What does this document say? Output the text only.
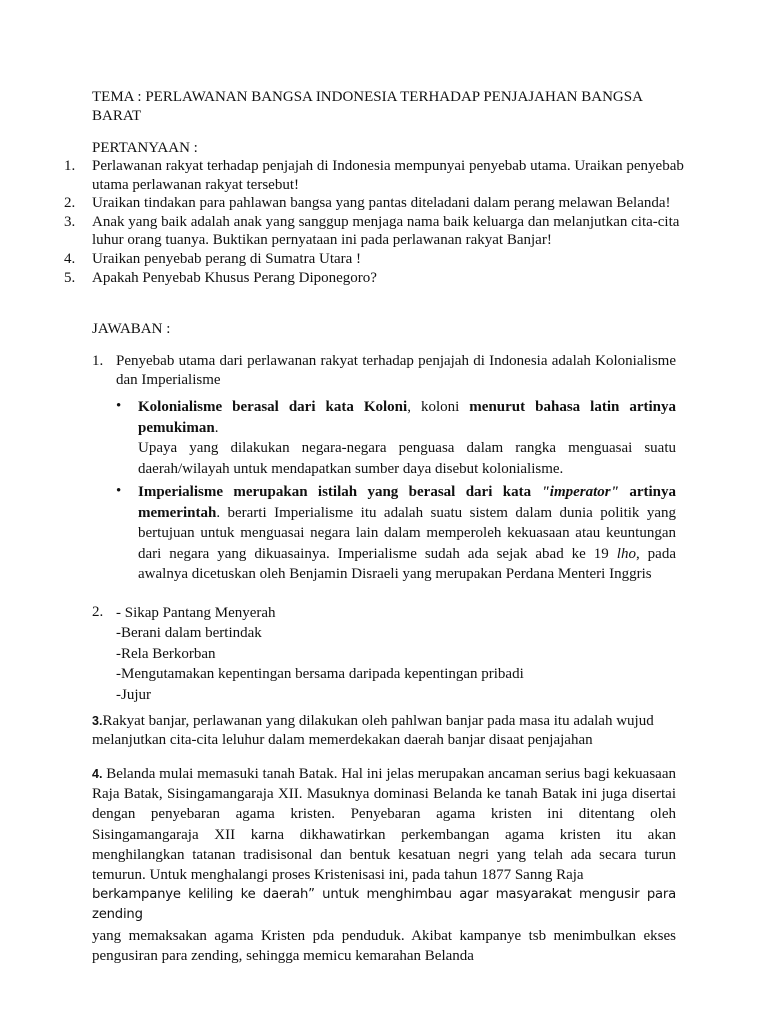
TEMA : PERLAWANAN BANGSA INDONESIA TERHADAP PENJAJAHAN BANGSA BARAT
PERTANYAAN :
1.	Perlawanan rakyat terhadap penjajah di Indonesia mempunyai penyebab utama. Uraikan penyebab utama perlawanan rakyat tersebut!
2.	Uraikan tindakan para pahlawan bangsa yang pantas diteladani dalam perang melawan Belanda!
3.	Anak yang baik adalah anak yang sanggup menjaga nama baik keluarga dan melanjutkan cita-cita luhur orang tuanya. Buktikan pernyataan ini pada perlawanan rakyat Banjar!
4.	Uraikan penyebab perang di Sumatra Utara !
5.	Apakah Penyebab Khusus Perang Diponegoro?
JAWABAN :
1. Penyebab utama dari perlawanan rakyat terhadap penjajah di Indonesia adalah Kolonialisme dan Imperialisme
•	Kolonialisme berasal dari kata Koloni, koloni menurut bahasa latin artinya pemukiman.
Upaya yang dilakukan negara-negara penguasa dalam rangka menguasai suatu daerah/wilayah untuk mendapatkan sumber daya disebut kolonialisme.
•	Imperialisme merupakan istilah yang berasal dari kata "imperator" artinya memerintah. berarti Imperialisme itu adalah suatu sistem dalam dunia politik yang bertujuan untuk menguasai negara lain dalam memperoleh kekuasaan atau keuntungan dari negara yang dikuasainya. Imperialisme sudah ada sejak abad ke 19 lho, pada awalnya dicetuskan oleh Benjamin Disraeli yang merupakan Perdana Menteri Inggris
2. - Sikap Pantang Menyerah
-Berani dalam bertindak
-Rela Berkorban
-Mengutamakan kepentingan bersama daripada kepentingan pribadi
-Jujur
3.Rakyat banjar, perlawanan yang dilakukan oleh pahlwan banjar pada masa itu adalah wujud melanjutkan cita-cita leluhur dalam memerdekakan daerah banjar disaat penjajahan
4. Belanda mulai memasuki tanah Batak. Hal ini jelas merupakan ancaman serius bagi kekuasaan Raja Batak, Sisingamangaraja XII. Masuknya dominasi Belanda ke tanah Batak ini juga disertai dengan penyebaran agama kristen. Penyebaran agama kristen ini ditentang oleh Sisingamangaraja XII karna dikhawatirkan perkembangan agama kristen itu akan menghilangkan tatanan tradisisonal dan bentuk kesatuan negri yang telah ada secara turun temurun. Untuk menghalangi proses Kristenisasi ini, pada tahun 1877 Sanng Raja
berkampanye keliling ke daerah” untuk menghimbau agar masyarakat mengusir para zending
yang memaksakan agama Kristen pda penduduk. Akibat kampanye tsb menimbulkan ekses pengusiran para zending, sehingga memicu kemarahan Belanda
